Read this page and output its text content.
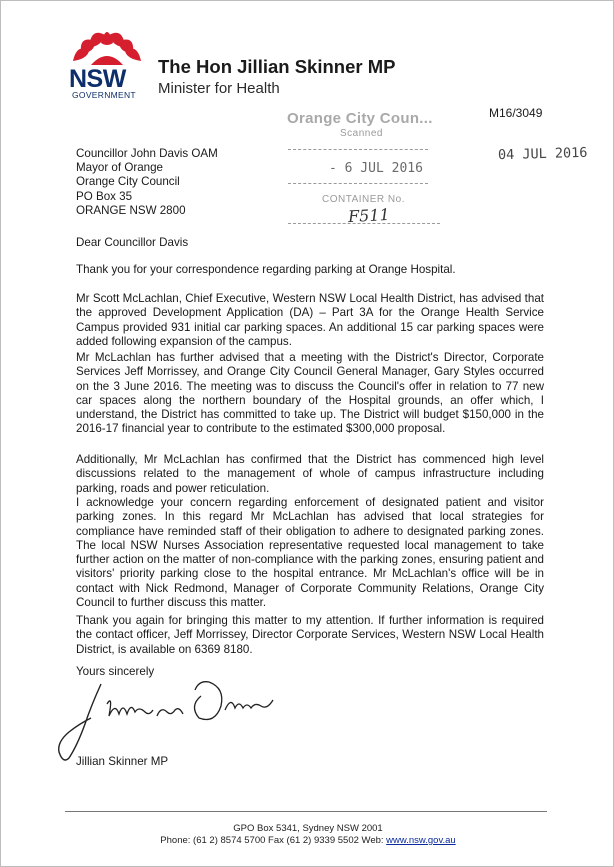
NSW
GOVERNMENT
The Hon Jillian Skinner MP
Minister for Health
M16/3049
04 JUL 2016
Orange City Coun...
Scanned
- 6 JUL 2016
CONTAINER No.
F511
Councillor John Davis OAM
Mayor of Orange
Orange City Council
PO Box 35
ORANGE NSW 2800
Dear Councillor Davis

Thank you for your correspondence regarding parking at Orange Hospital.

Mr Scott McLachlan, Chief Executive, Western NSW Local Health District, has advised that the approved Development Application (DA) – Part 3A for the Orange Health Service Campus provided 931 initial car parking spaces. An additional 15 car parking spaces were added following expansion of the campus.

Mr McLachlan has further advised that a meeting with the District's Director, Corporate Services Jeff Morrissey, and Orange City Council General Manager, Gary Styles occurred on the 3 June 2016. The meeting was to discuss the Council's offer in relation to 77 new car spaces along the northern boundary of the Hospital grounds, an offer which, I understand, the District has committed to take up. The District will budget $150,000 in the 2016-17 financial year to contribute to the estimated $300,000 proposal.

Additionally, Mr McLachlan has confirmed that the District has commenced high level discussions related to the management of whole of campus infrastructure including parking, roads and power reticulation.

I acknowledge your concern regarding enforcement of designated patient and visitor parking zones. In this regard Mr McLachlan has advised that local strategies for compliance have reminded staff of their obligation to adhere to designated parking zones. The local NSW Nurses Association representative requested local management to take further action on the matter of non-compliance with the parking zones, ensuring patient and visitors' priority parking close to the hospital entrance. Mr McLachlan's office will be in contact with Nick Redmond, Manager of Corporate Community Relations, Orange City Council to further discuss this matter.

Thank you again for bringing this matter to my attention. If further information is required the contact officer, Jeff Morrissey, Director Corporate Services, Western NSW Local Health District, is available on 6369 8180.

Yours sincerely
Jillian Skinner MP
GPO Box 5341, Sydney NSW 2001
Phone: (61 2) 8574 5700 Fax (61 2) 9339 5502 Web: www.nsw.gov.au
